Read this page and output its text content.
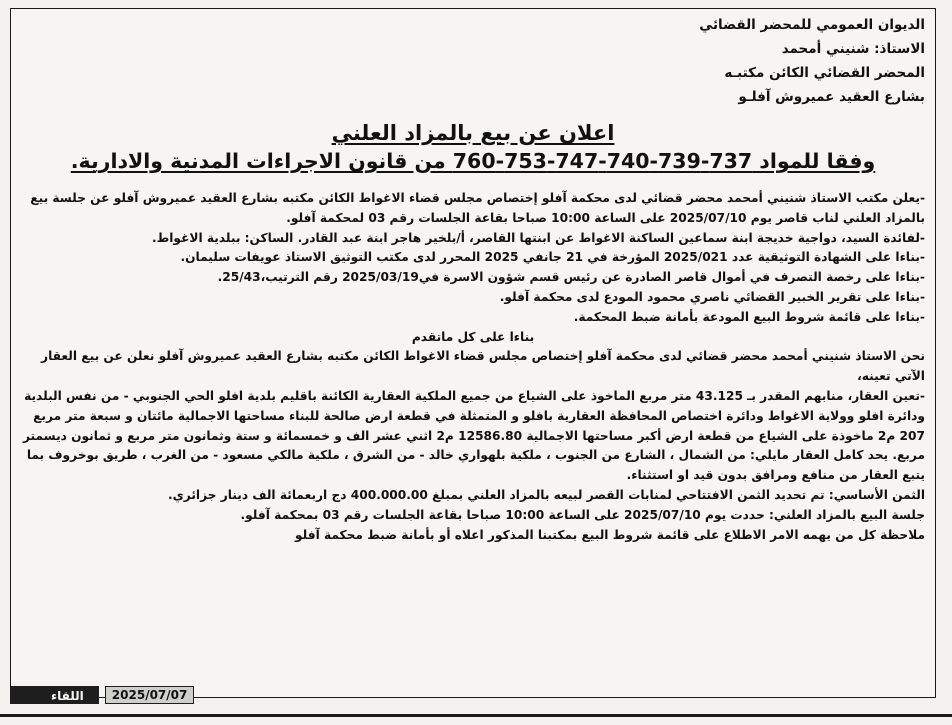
الديوان العمومي للمحضر القضائي
الاستاذ: شنيني أمحمد
المحضر القضائي الكائن مكتبـه
بشارع العقيد عميروش آفلـو
اعلان عن بيع بالمزاد العلني
وفقا للمواد 737-739-740-747-753-760 من قانون الاجراءات المدنية والادارية.

-يعلن مكتب الاستاذ شنيني أمحمد محضر قضائي لدى محكمة آفلو إختصاص مجلس قضاء الاغواط الكائن مكتبه بشارع العقيد عميروش آفلو عن جلسة بيع بالمزاد العلني لناب قاصر يوم 2025/07/10 على الساعة 10:00 صباحا بقاعة الجلسات رقم 03 لمحكمة آفلو.

-لفائدة السيد، دواجية خديجة ابنة سماعين الساكنة الاغواط عن ابنتها القاصر، أ/بلخير هاجر ابنة عبد القادر. الساكن: ببلدية الاغواط.

-بناءا على الشهادة التوثيقية عدد 2025/021 المؤرخة في 21 جانفي 2025 المحرر لدى مكتب التوثيق الاستاذ عويفات سليمان.

-بناءا على رخصة التصرف في أموال قاصر الصادرة عن رئيس قسم شؤون الاسرة في2025/03/19 رقم الترتيب،25/43.

-بناءا على تقرير الخبير القضائي ناصري محمود المودع لدى محكمة آفلو.

-بناءا على قائمة شروط البيع المودعة بأمانة ضبط المحكمة.

بناءا على كل ماتقدم

نحن الاستاذ شنيني أمحمد محضر قضائي لدى محكمة آفلو إختصاص مجلس قضاء الاغواط الكائن مكتبه بشارع العقيد عميروش آفلو نعلن عن بيع العقار الآتي تعينه،

-تعين العقار، منابهم المقدر بـ 43.125 متر مربع الماخوذ على الشياع من جميع الملكية العقارية الكائنة باقليم بلدية افلو الحي الجنوبي - من نفس البلدية ودائرة افلو وولاية الاغواط ودائرة اختصاص المحافظة العقارية بافلو و المتمثلة في قطعة ارض صالحة للبناء مساحتها الاجمالية مائتان و سبعة متر مربع 207 م2 ماخوذة على الشياع من قطعة ارض أكبر مساحتها الاجمالية 12586.80 م2 اثني عشر الف و خمسمائة و ستة وثمانون متر مربع و ثمانون ديسمتر مربع. يحد كامل العقار مايلي: من الشمال ، الشارع من الجنوب ، ملكية بلهواري خالد - من الشرق ، ملكية مالكي مسعود - من الغرب ، طريق بوخروف بما يتبع العقار من منافع ومرافق بدون قيد او استثناء.

الثمن الأساسي: تم تحديد الثمن الافتتاحي لمنابات القصر لبيعه بالمزاد العلني بمبلغ 400.000.00 دج اربعمائة الف دينار جزائري.

جلسة البيع بالمزاد العلني: حددت يوم 2025/07/10 على الساعة 10:00 صباحا بقاعة الجلسات رقم 03 بمحكمة آفلو.

ملاحظة كل من يهمه الامر الاطلاع على قائمة شروط البيع بمكتبنا المذكور اعلاه أو بأمانة ضبط محكمة آفلو

اللقاء	2025/07/07
